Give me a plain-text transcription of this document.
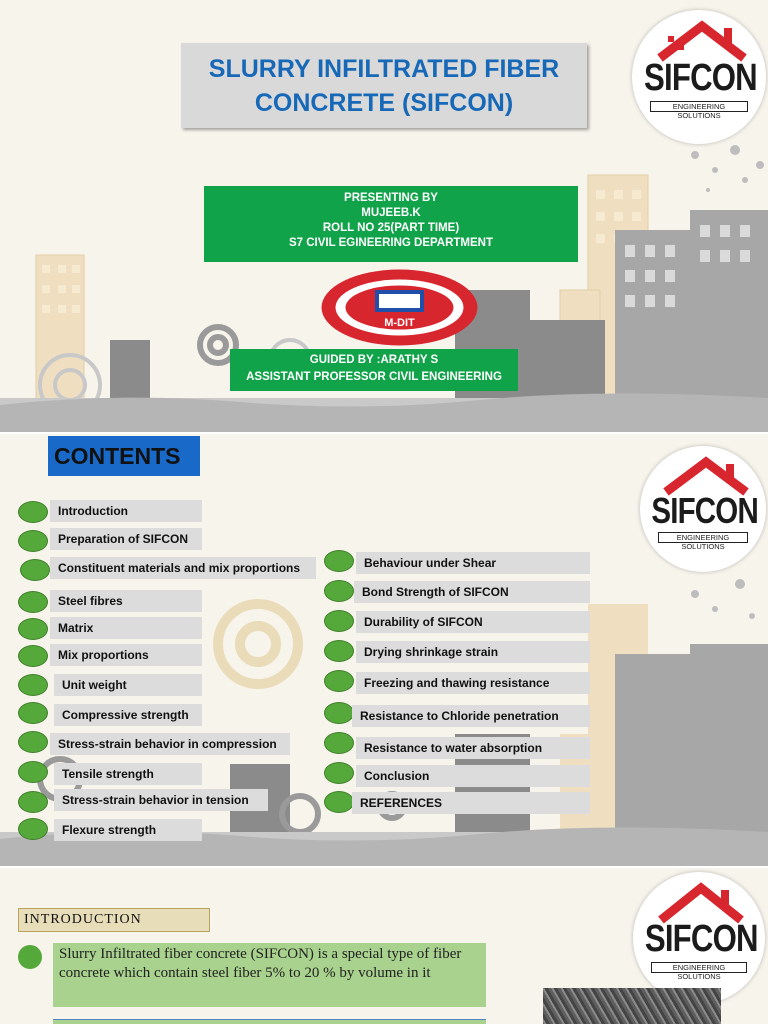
SIFCON
ENGINEERING SOLUTIONS
SLURRY INFILTRATED FIBER
CONCRETE (SIFCON)
PRESENTING BY
MUJEEB.K
ROLL NO 25(PART TIME)
S7 CIVIL EGINEERING DEPARTMENT
M-DIT
GUIDED BY :ARATHY S
ASSISTANT PROFESSOR CIVIL ENGINEERING
SIFCON
ENGINEERING SOLUTIONS
CONTENTS
Introduction
Preparation of SIFCON
Constituent materials and mix proportions
Steel fibres
Matrix
Mix proportions
Unit weight
Compressive strength
Stress-strain behavior in compression
Tensile strength
Stress-strain behavior in tension
Flexure strength
Behaviour under Shear
Bond Strength of SIFCON
Durability of SIFCON
Drying shrinkage strain
Freezing and thawing resistance
Resistance to Chloride penetration
Resistance to water absorption
Conclusion
REFERENCES
SIFCON
ENGINEERING SOLUTIONS
INTRODUCTION
Slurry Infiltrated fiber concrete (SIFCON) is a special type of fiber concrete which contain steel fiber 5% to 20 % by volume in it
